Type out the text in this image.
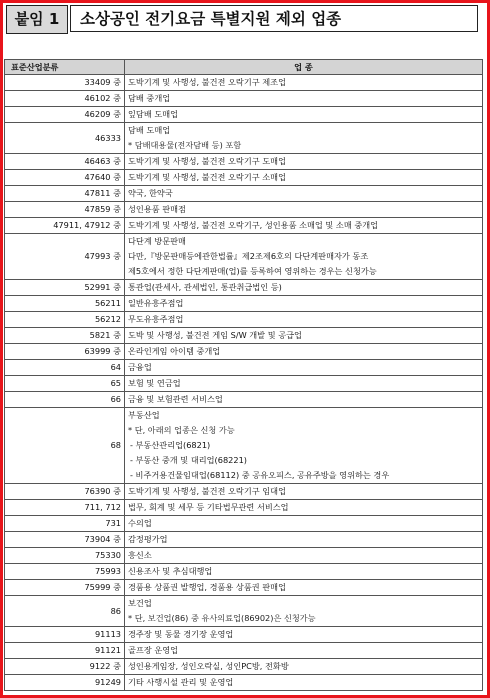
붙임 1	소상공인 전기요금 특별지원 제외 업종
표준산업분류	업 종
33409 중	도박기계 및 사행성, 불건전 오락기구 제조업

46102 중	담배 중개업

46209 중	잎담배 도매업

46333	담배 도매업
* 담배대용물(전자담배 등) 포함

46463 중	도박기계 및 사행성, 불건전 오락기구 도매업

47640 중	도박기계 및 사행성, 불건전 오락기구 소매업

47811 중	약국, 한약국

47859 중	성인용품 판매점

47911, 47912 중	도박기계 및 사행성, 불건전 오락기구, 성인용품 소매업 및 소매 중개업

47993 중	다단계 방문판매
다만,『방문판매등에관한법률』제2조제6호의 다단계판매자가 동조
제5호에서 정한 다단계판매(업)를 등록하여 영위하는 경우는 신청가능

52991 중	통관업(관세사, 관세법인, 통관취급법인 등)

56211	일반유흥주점업

56212	무도유흥주점업

5821 중	도박 및 사행성, 불건전 게임 S/W 개발 및 공급업

63999 중	온라인게임 아이템 중개업

64	금융업

65	보험 및 연금업

66	금융 및 보험관련 서비스업

68	부동산업
* 단, 아래의 업종은 신청 가능
- 부동산관리업(6821)
- 부동산 중개 및 대리업(68221)
- 비주거용건물임대업(68112) 중 공유오피스, 공유주방을 영위하는 경우

76390 중	도박기계 및 사행성, 불건전 오락기구 임대업

711, 712	법무, 회계 및 세무 등 기타법무관련 서비스업

731	수의업

73904 중	감정평가업

75330	흥신소

75993	신용조사 및 추심대행업

75999 중	경품용 상품권 발행업, 경품용 상품권 판매업

86	보건업
* 단, 보건업(86) 중 유사의료업(86902)은 신청가능

91113	경주장 및 동물 경기장 운영업

91121	골프장 운영업

9122 중	성인용게임장, 성인오락실, 성인PC방, 전화방

91249	기타 사행시설 관리 및 운영업
